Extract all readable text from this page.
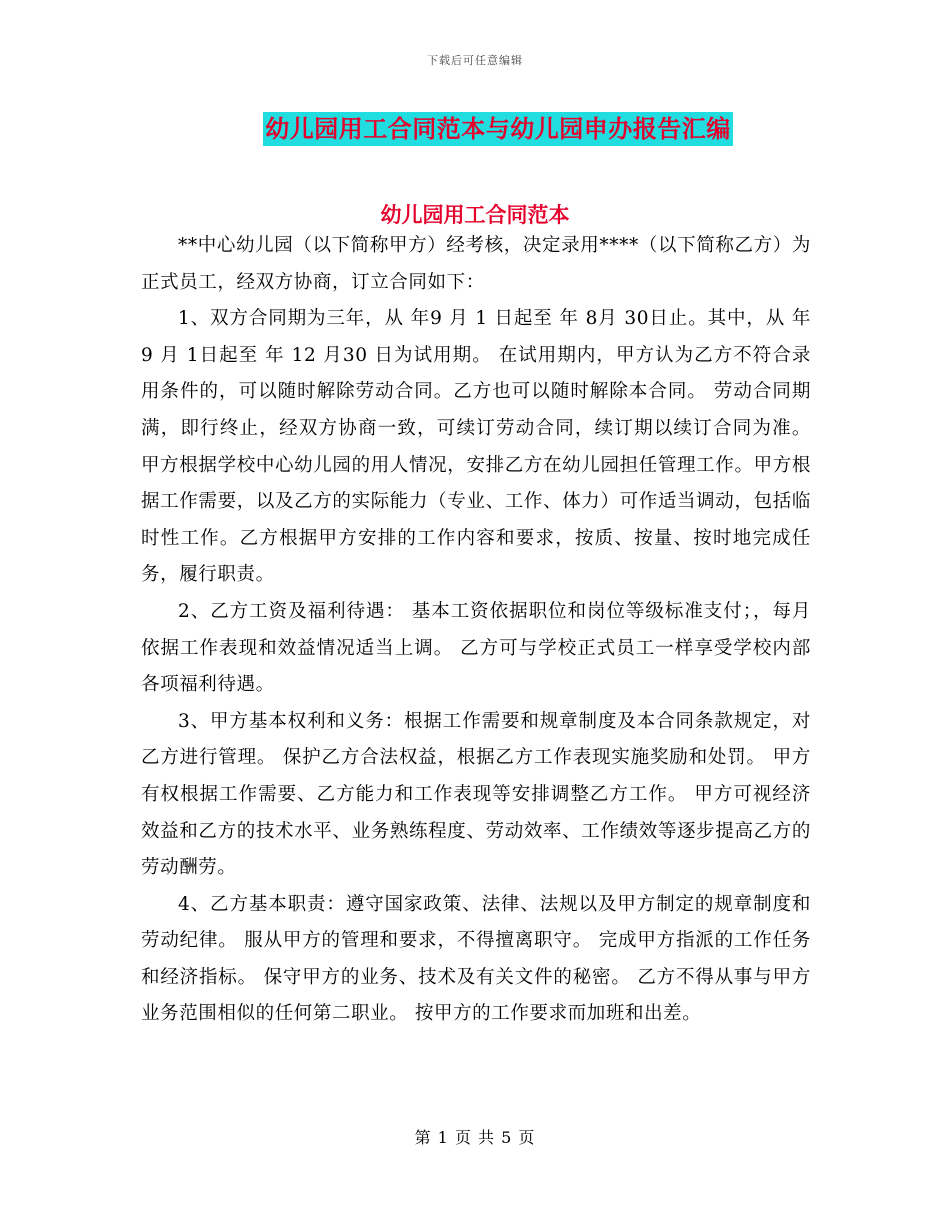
下载后可任意编辑
幼儿园用工合同范本与幼儿园申办报告汇编
幼儿园用工合同范本

**中心幼儿园（以下简称甲方）经考核，决定录用****（以下简称乙方）为正式员工，经双方协商，订立合同如下：

1、双方合同期为三年，从 年9 月 1 日起至 年 8月 30日止。其中，从 年9 月 1日起至 年 12 月30 日为试用期。 在试用期内，甲方认为乙方不符合录用条件的，可以随时解除劳动合同。乙方也可以随时解除本合同。 劳动合同期满，即行终止，经双方协商一致，可续订劳动合同，续订期以续订合同为准。 甲方根据学校中心幼儿园的用人情况，安排乙方在幼儿园担任管理工作。甲方根据工作需要，以及乙方的实际能力（专业、工作、体力）可作适当调动，包括临时性工作。乙方根据甲方安排的工作内容和要求，按质、按量、按时地完成任务，履行职责。

2、乙方工资及福利待遇： 基本工资依据职位和岗位等级标准支付；，每月依据工作表现和效益情况适当上调。 乙方可与学校正式员工一样享受学校内部各项福利待遇。

3、甲方基本权利和义务：根据工作需要和规章制度及本合同条款规定，对乙方进行管理。 保护乙方合法权益，根据乙方工作表现实施奖励和处罚。 甲方有权根据工作需要、乙方能力和工作表现等安排调整乙方工作。 甲方可视经济效益和乙方的技术水平、业务熟练程度、劳动效率、工作绩效等逐步提高乙方的劳动酬劳。

4、乙方基本职责：遵守国家政策、法律、法规以及甲方制定的规章制度和劳动纪律。 服从甲方的管理和要求，不得擅离职守。 完成甲方指派的工作任务和经济指标。 保守甲方的业务、技术及有关文件的秘密。 乙方不得从事与甲方业务范围相似的任何第二职业。 按甲方的工作要求而加班和出差。

第 1 页 共 5 页
